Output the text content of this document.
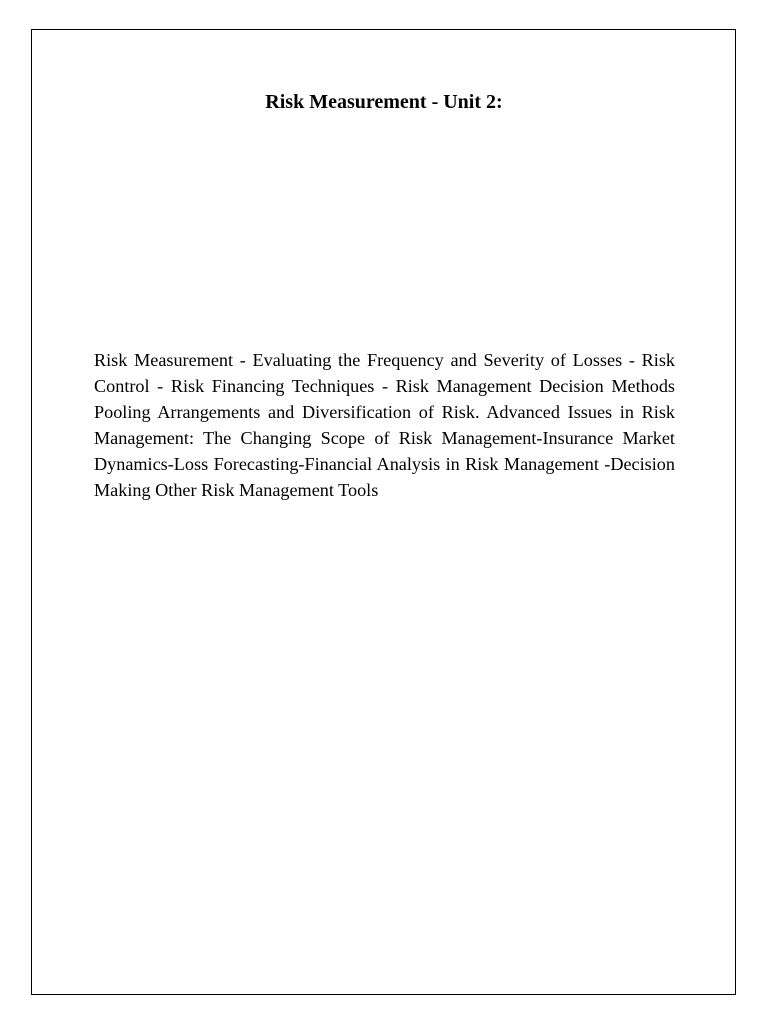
Risk Measurement - Unit 2:

Risk Measurement - Evaluating the Frequency and Severity of Losses - Risk Control - Risk Financing Techniques - Risk Management Decision Methods Pooling Arrangements and Diversification of Risk. Advanced Issues in Risk Management: The Changing Scope of Risk Management-Insurance Market Dynamics-Loss Forecasting-Financial Analysis in Risk Management -Decision Making Other Risk Management Tools
